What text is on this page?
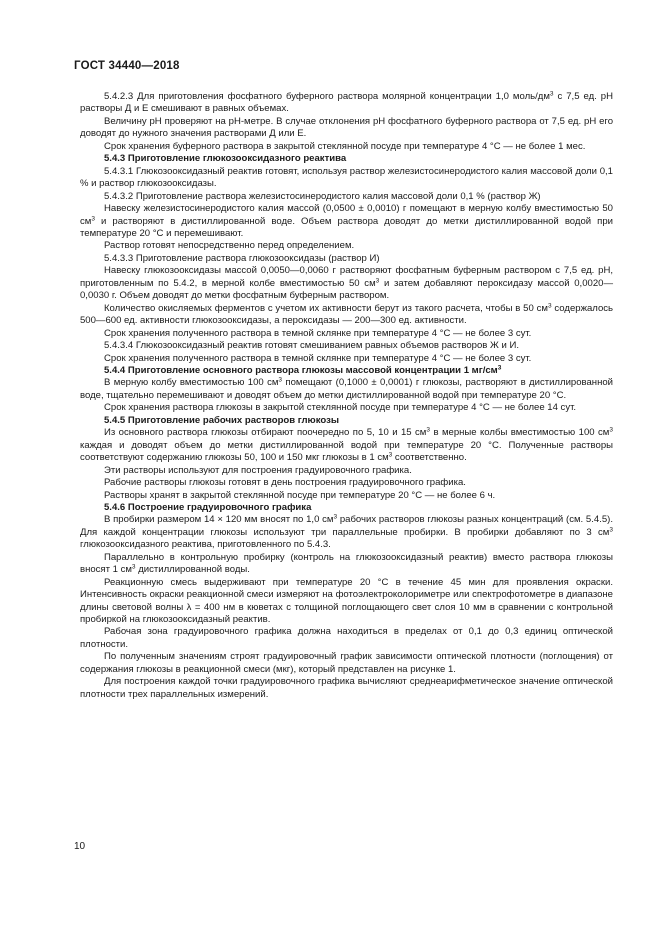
ГОСТ 34440—2018

5.4.2.3 Для приготовления фосфатного буферного раствора молярной концентрации 1,0 моль/$дм^3$ с 7,5 ед. pH растворы Д и Е смешивают в равных объемах.

Величину pH проверяют на pH-метре. В случае отклонения pH фосфатного буферного раствора от 7,5 ед. pH его доводят до нужного значения растворами Д или Е.

Срок хранения буферного раствора в закрытой стеклянной посуде при температуре 4 °С — не более 1 мес.

5.4.3 Приготовление глюкозооксидазного реактива

5.4.3.1 Глюкозооксидазный реактив готовят, используя раствор железистосинеродистого калия массовой доли 0,1 % и раствор глюкозооксидазы.

5.4.3.2 Приготовление раствора железистосинеродистого калия массовой доли 0,1 % (раствор Ж)

Навеску железистосинеродистого калия массой (0,0500 ± 0,0010) г помещают в мерную колбу вместимостью 50 $см^3$ и растворяют в дистиллированной воде. Объем раствора доводят до метки дистиллированной водой при температуре 20 °С и перемешивают.

Раствор готовят непосредственно перед определением.

5.4.3.3 Приготовление раствора глюкозооксидазы (раствор И)

Навеску глюкозооксидазы массой 0,0050—0,0060 г растворяют фосфатным буферным раствором с 7,5 ед. pH, приготовленным по 5.4.2, в мерной колбе вместимостью 50 $см^3$ и затем добавляют пероксидазу массой 0,0020—0,0030 г. Объем доводят до метки фосфатным буферным раствором.

Количество окисляемых ферментов с учетом их активности берут из такого расчета, чтобы в 50 $см^3$ содержалось 500—600 ед. активности глюкозооксидазы, а пероксидазы — 200—300 ед. активности.

Срок хранения полученного раствора в темной склянке при температуре 4 °С — не более 3 сут.

5.4.3.4 Глюкозооксидазный реактив готовят смешиванием равных объемов растворов Ж и И.

Срок хранения полученного раствора в темной склянке при температуре 4 °С — не более 3 сут.

5.4.4 Приготовление основного раствора глюкозы массовой концентрации 1 $мг/см^3$

В мерную колбу вместимостью 100 $см^3$ помещают (0,1000 ± 0,0001) г глюкозы, растворяют в дистиллированной воде, тщательно перемешивают и доводят объем до метки дистиллированной водой при температуре 20 °С.

Срок хранения раствора глюкозы в закрытой стеклянной посуде при температуре 4 °С — не более 14 сут.

5.4.5 Приготовление рабочих растворов глюкозы

Из основного раствора глюкозы отбирают поочередно по 5, 10 и 15 $см^3$ в мерные колбы вместимостью 100 $см^3$ каждая и доводят объем до метки дистиллированной водой при температуре 20 °С. Полученные растворы соответствуют содержанию глюкозы 50, 100 и 150 мкг глюкозы в 1 $см^3$ соответственно.

Эти растворы используют для построения градуировочного графика.

Рабочие растворы глюкозы готовят в день построения градуировочного графика.

Растворы хранят в закрытой стеклянной посуде при температуре 20 °С — не более 6 ч.

5.4.6 Построение градуировочного графика

В пробирки размером 14 × 120 мм вносят по 1,0 $см^3$ рабочих растворов глюкозы разных концентраций (см. 5.4.5). Для каждой концентрации глюкозы используют три параллельные пробирки. В пробирки добавляют по 3 $см^3$ глюкозооксидазного реактива, приготовленного по 5.4.3.

Параллельно в контрольную пробирку (контроль на глюкозооксидазный реактив) вместо раствора глюкозы вносят 1 $см^3$ дистиллированной воды.

Реакционную смесь выдерживают при температуре 20 °С в течение 45 мин для проявления окраски. Интенсивность окраски реакционной смеси измеряют на фотоэлектроколориметре или спектрофотометре в диапазоне длины световой волны λ = 400 нм в кюветах с толщиной поглощающего свет слоя 10 мм в сравнении с контрольной пробиркой на глюкозооксидазный реактив.

Рабочая зона градуировочного графика должна находиться в пределах от 0,1 до 0,3 единиц оптической плотности.

По полученным значениям строят градуировочный график зависимости оптической плотности (поглощения) от содержания глюкозы в реакционной смеси (мкг), который представлен на рисунке 1.

Для построения каждой точки градуировочного графика вычисляют среднеарифметическое значение оптической плотности трех параллельных измерений.

10
